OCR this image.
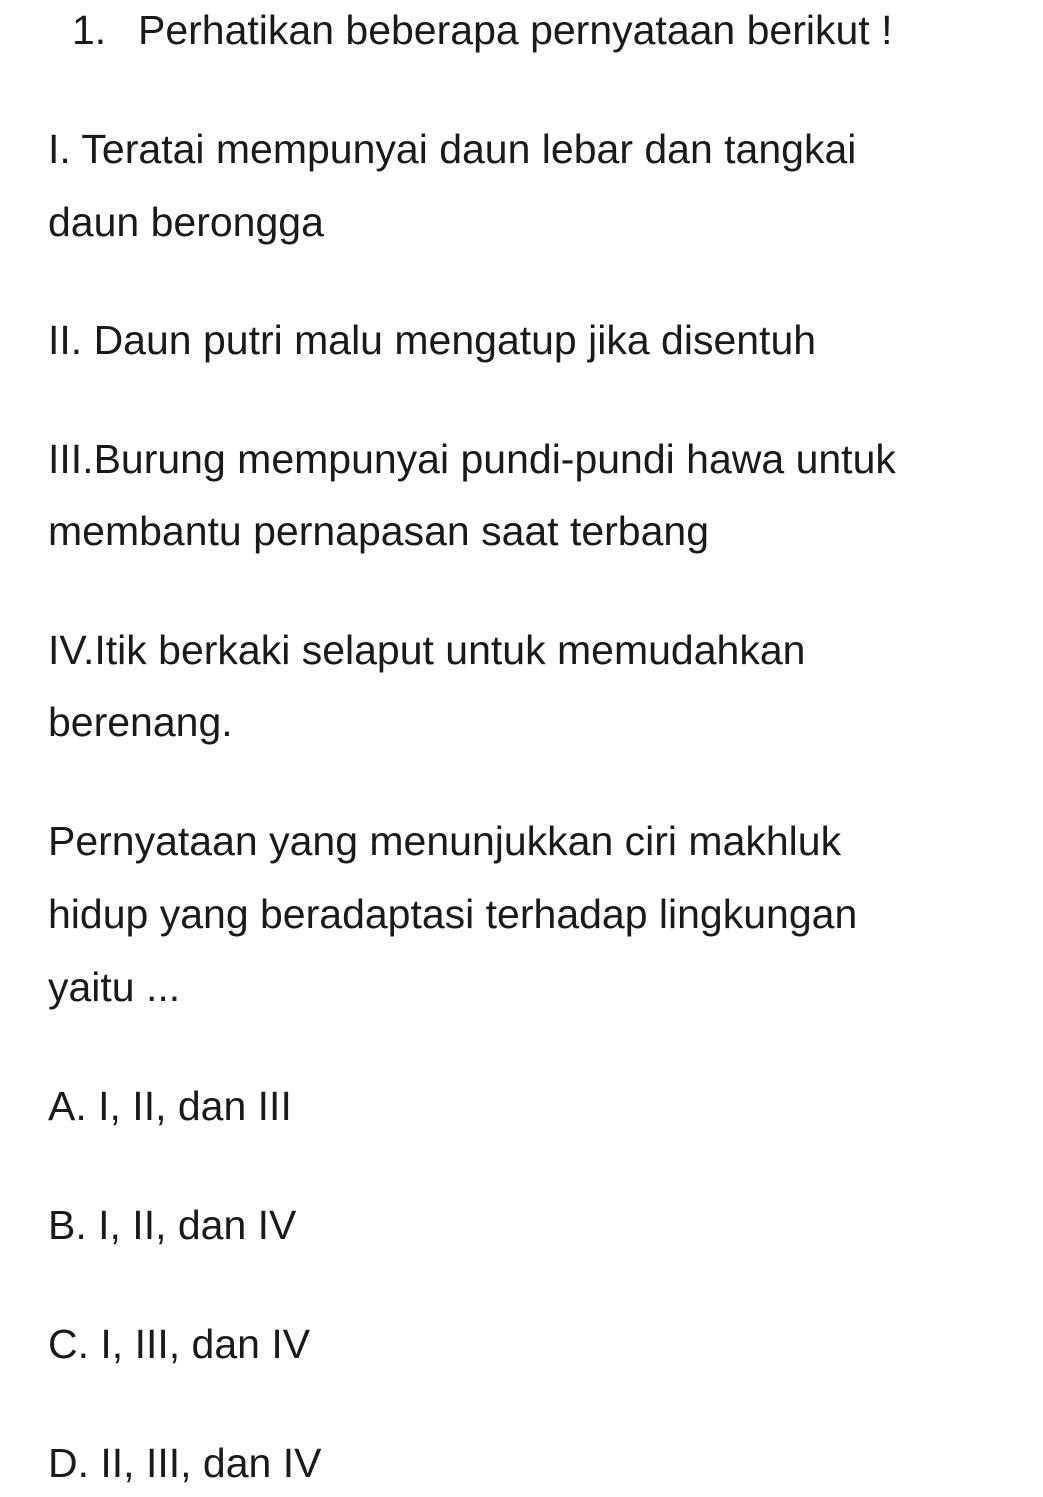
1. Perhatikan beberapa pernyataan berikut !

I. Teratai mempunyai daun lebar dan tangkai

daun berongga

II. Daun putri malu mengatup jika disentuh

III.Burung mempunyai pundi-pundi hawa untuk

membantu pernapasan saat terbang

IV.Itik berkaki selaput untuk memudahkan

berenang.

Pernyataan yang menunjukkan ciri makhluk

hidup yang beradaptasi terhadap lingkungan

yaitu ...

A. I, II, dan III

B. I, II, dan IV

C. I, III, dan IV

D. II, III, dan IV
